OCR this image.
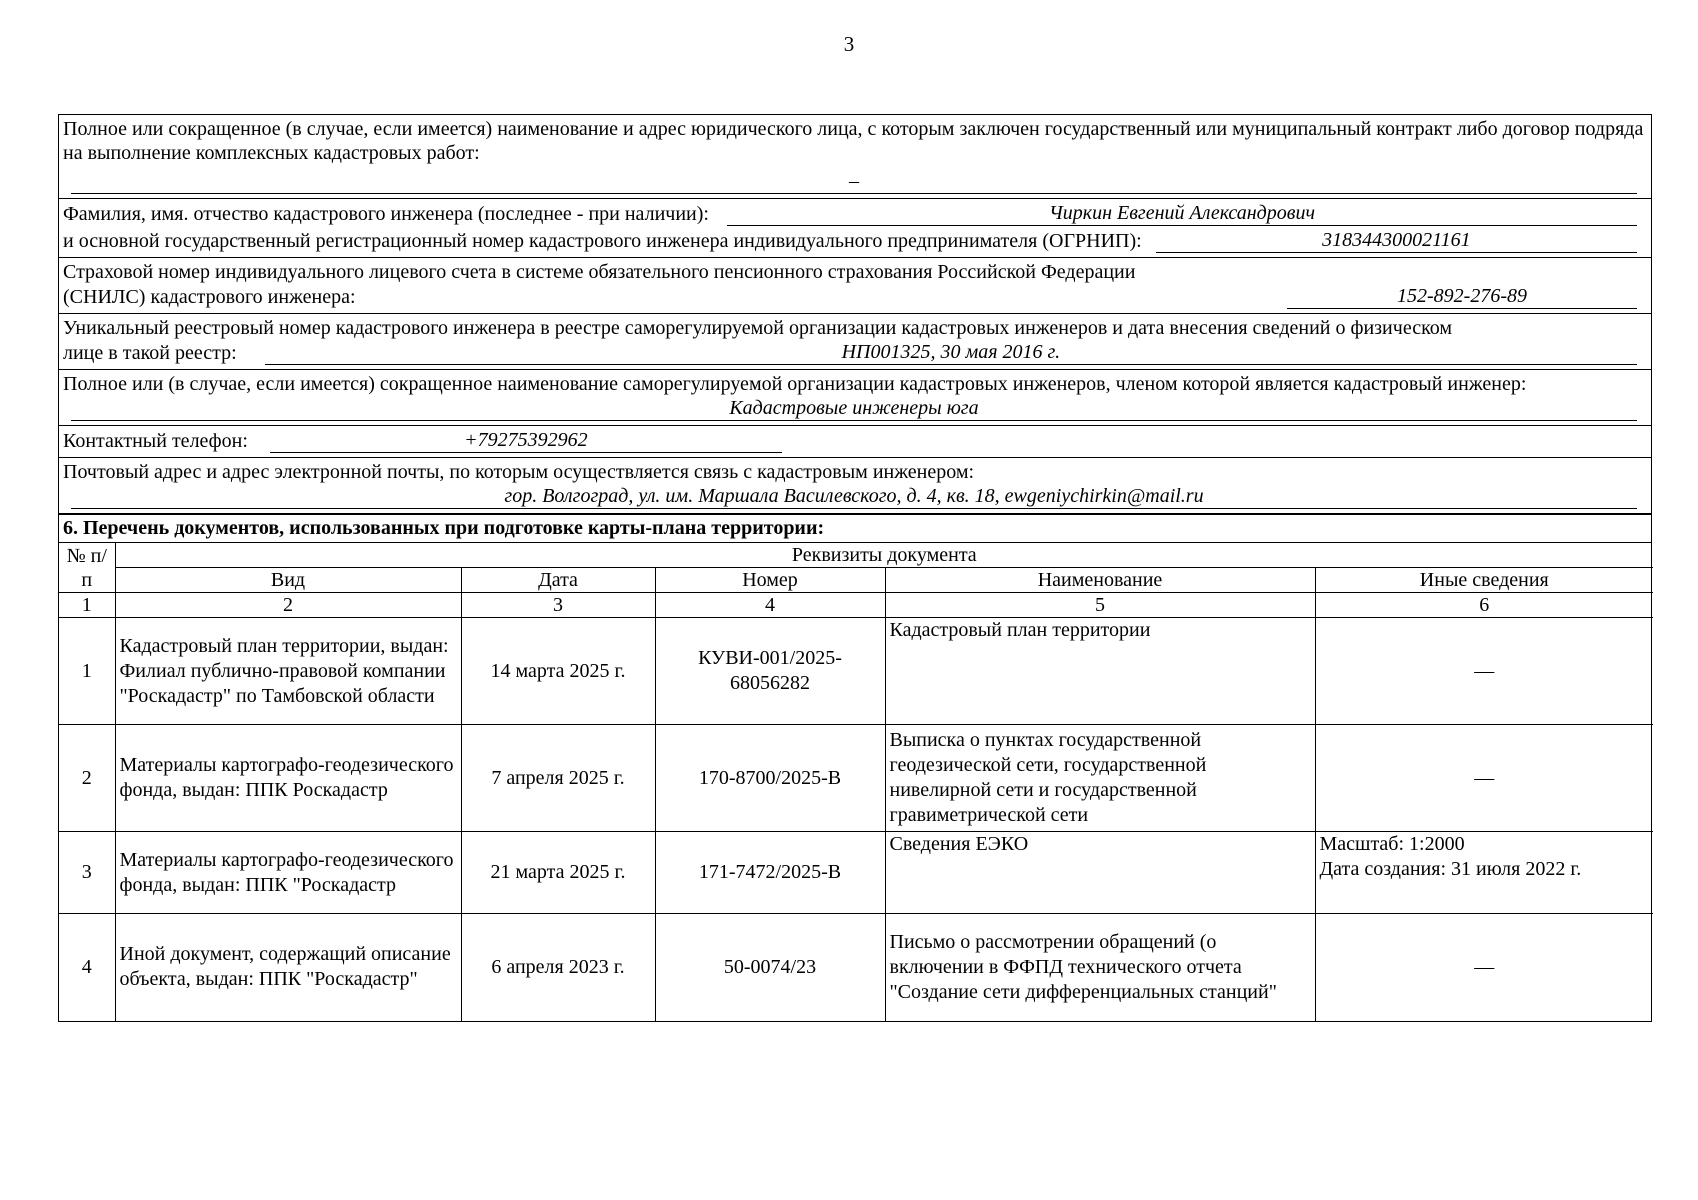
3
Полное или сокращенное (в случае, если имеется) наименование и адрес юридического лица, с которым заключен государственный или муниципальный контракт либо договор подряда на выполнение комплексных кадастровых работ:
–
Фамилия, имя. отчество кадастрового инженера (последнее - при наличии):	Чиркин Евгений Александрович
и основной государственный регистрационный номер кадастрового инженера индивидуального предпринимателя (ОГРНИП):	318344300021161
Страховой номер индивидуального лицевого счета в системе обязательного пенсионного страхования Российской Федерации
(СНИЛС) кадастрового инженера:	152-892-276-89
Уникальный реестровый номер кадастрового инженера в реестре саморегулируемой организации кадастровых инженеров и дата внесения сведений о физическом
лице в такой реестр:	НП001325, 30 мая 2016 г.
Полное или (в случае, если имеется) сокращенное наименование саморегулируемой организации кадастровых инженеров, членом которой является кадастровый инженер:
Кадастровые инженеры юга
Контактный телефон:	+79275392962
Почтовый адрес и адрес электронной почты, по которым осуществляется связь с кадастровым инженером:
гор. Волгоград, ул. им. Маршала Василевского, д. 4, кв. 18, ewgeniychirkin@mail.ru
6. Перечень документов, использованных при подготовке карты-плана территории:
№ п/п	Реквизиты документа				
	Вид	Дата	Номер	Наименование	Иные сведения
1	2	3	4	5	6
1	Кадастровый план территории, выдан: Филиал публично-правовой компании "Роскадастр" по Тамбовской области	14 марта 2025 г.	КУВИ-001/2025-68056282	Кадастровый план территории	—
2	Материалы картографо-геодезического фонда, выдан: ППК Роскадастр	7 апреля 2025 г.	170-8700/2025-В	Выписка о пунктах государственной геодезической сети, государственной нивелирной сети и государственной гравиметрической сети	—
3	Материалы картографо-геодезического фонда, выдан: ППК "Роскадастр	21 марта 2025 г.	171-7472/2025-В	Сведения ЕЭКО	Масштаб: 1:2000
Дата создания: 31 июля 2022 г.

4	Иной документ, содержащий описание объекта, выдан: ППК "Роскадастр"	6 апреля 2023 г.	50-0074/23	Письмо о рассмотрении обращений (о включении в ФФПД технического отчета "Создание сети дифференциальных станций"	—
